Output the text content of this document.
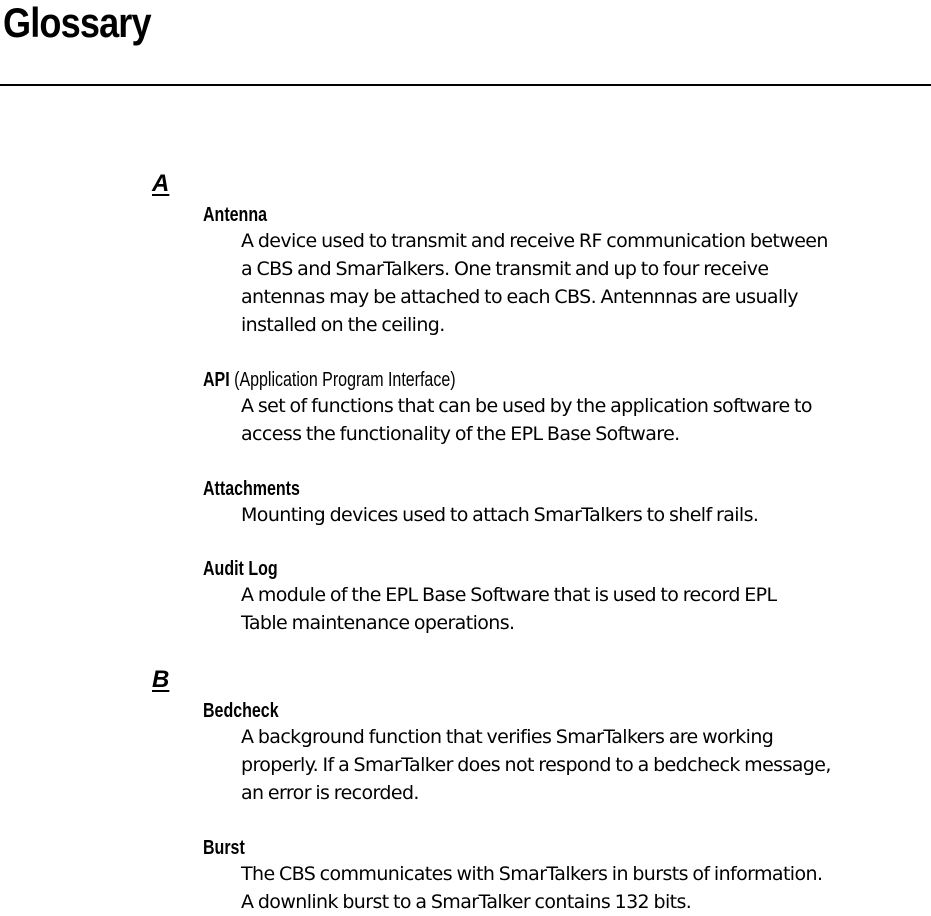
Glossary
A
Antenna

A device used to transmit and receive RF communication between
a CBS and SmarTalkers. One transmit and up to four receive
antennas may be attached to each CBS. Antennnas are usually
installed on the ceiling.

API (Application Program Interface)

A set of functions that can be used by the application software to
access the functionality of the EPL Base Software.

Attachments

Mounting devices used to attach SmarTalkers to shelf rails.

Audit Log

A module of the EPL Base Software that is used to record EPL
Table maintenance operations.

B
Bedcheck

A background function that verifies SmarTalkers are working
properly. If a SmarTalker does not respond to a bedcheck message,
an error is recorded.

Burst

The CBS communicates with SmarTalkers in bursts of information.
A downlink burst to a SmarTalker contains 132 bits.
